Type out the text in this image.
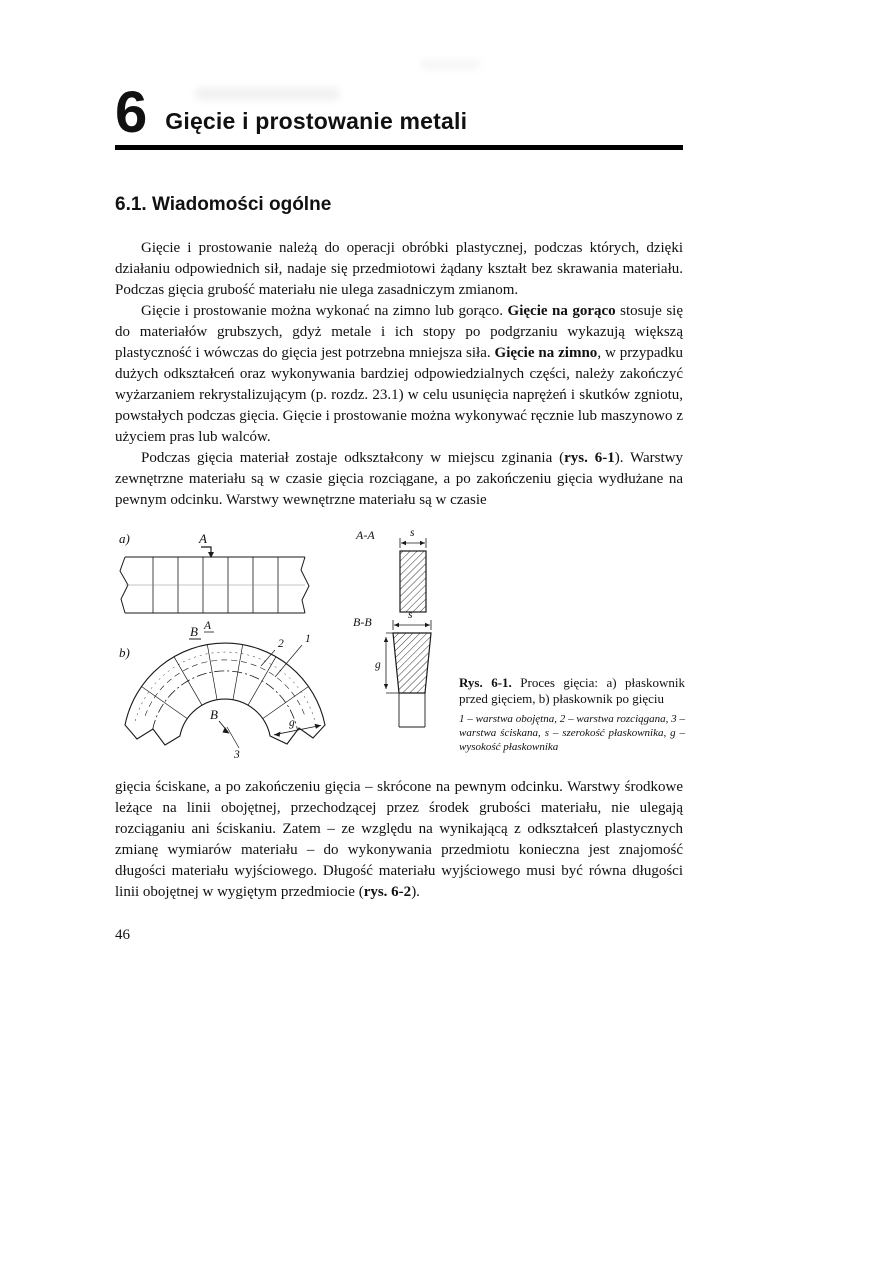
6 Gięcie i prostowanie metali
6.1. Wiadomości ogólne

Gięcie i prostowanie należą do operacji obróbki plastycznej, podczas których, dzięki działaniu odpowiednich sił, nadaje się przedmiotowi żądany kształt bez skrawania materiału. Podczas gięcia grubość materiału nie ulega zasadniczym zmianom.

Gięcie i prostowanie można wykonać na zimno lub gorąco. Gięcie na gorąco stosuje się do materiałów grubszych, gdyż metale i ich stopy po podgrzaniu wykazują większą plastyczność i wówczas do gięcia jest potrzebna mniejsza siła. Gięcie na zimno, w przypadku dużych odkształceń oraz wykonywania bardziej odpowiedzialnych części, należy zakończyć wyżarzaniem rekrystalizującym (p. rozdz. 23.1) w celu usunięcia naprężeń i skutków zgniotu, powstałych podczas gięcia. Gięcie i prostowanie można wykonywać ręcznie lub maszynowo z użyciem pras lub walców.

Podczas gięcia materiał zostaje odkształcony w miejscu zginania (rys. 6-1). Warstwy zewnętrzne materiału są w czasie gięcia rozciągane, a po zakończeniu gięcia wydłużane na pewnym odcinku. Warstwy wewnętrzne materiału są w czasie

a)	A
B A
b)
2 1
3
B
g
A-A	s
B-B	s
g

Rys. 6-1. Proces gięcia: a) płaskownik przed gięciem, b) płaskownik po gięciu

1 – warstwa obojętna, 2 – warstwa rozciągana, 3 – warstwa ściskana, s – szerokość płaskownika, g – wysokość płaskownika

gięcia ściskane, a po zakończeniu gięcia – skrócone na pewnym odcinku. Warstwy środkowe leżące na linii obojętnej, przechodzącej przez środek grubości materiału, nie ulegają rozciąganiu ani ściskaniu. Zatem – ze względu na wynikającą z odkształceń plastycznych zmianę wymiarów materiału – do wykonywania przedmiotu konieczna jest znajomość długości materiału wyjściowego. Długość materiału wyjściowego musi być równa długości linii obojętnej w wygiętym przedmiocie (rys. 6-2).

46
